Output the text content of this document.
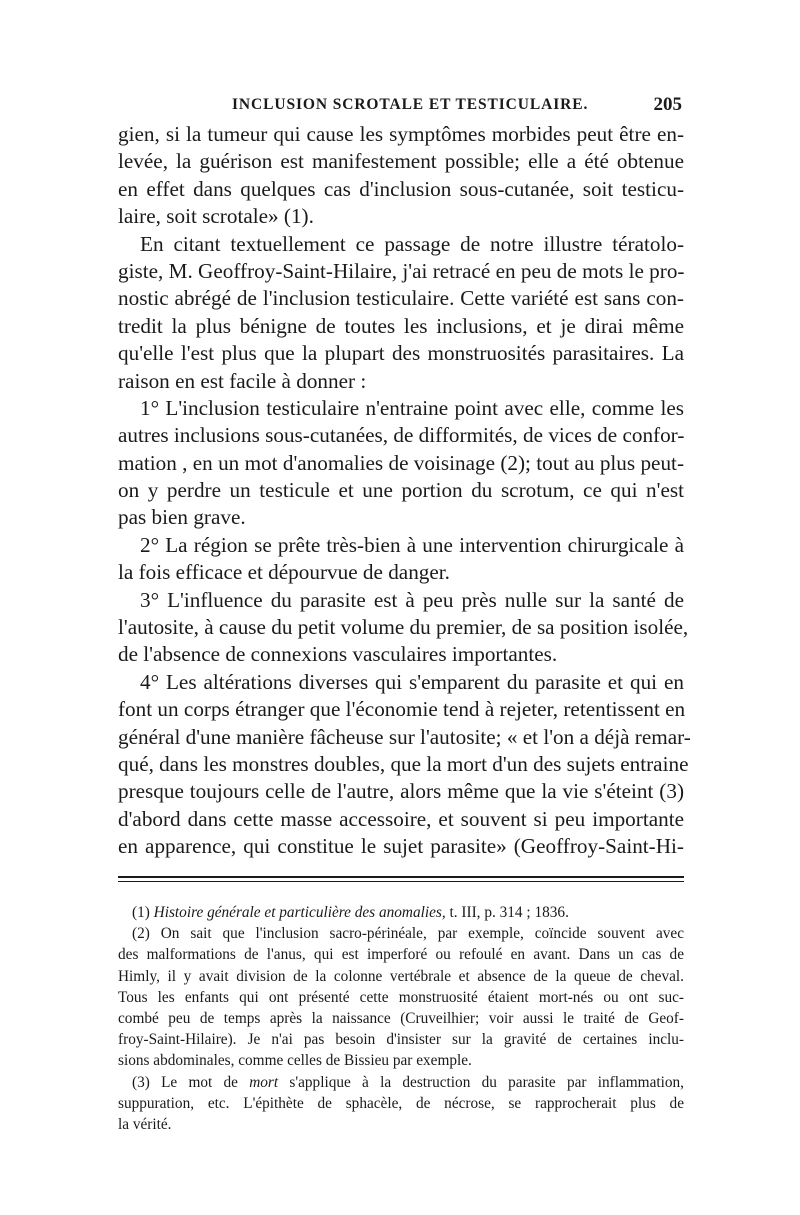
INCLUSION SCROTALE ET TESTICULAIRE.	205
gien, si la tumeur qui cause les symptômes morbides peut être en-
levée, la guérison est manifestement possible; elle a été obtenue
en effet dans quelques cas d'inclusion sous-cutanée, soit testicu-
laire, soit scrotale» (1).
En citant textuellement ce passage de notre illustre tératolo-
giste, M. Geoffroy-Saint-Hilaire, j'ai retracé en peu de mots le pro-
nostic abrégé de l'inclusion testiculaire. Cette variété est sans con-
tredit la plus bénigne de toutes les inclusions, et je dirai même
qu'elle l'est plus que la plupart des monstruosités parasitaires. La
raison en est facile à donner :
1° L'inclusion testiculaire n'entraine point avec elle, comme les
autres inclusions sous-cutanées, de difformités, de vices de confor-
mation , en un mot d'anomalies de voisinage (2); tout au plus peut-
on y perdre un testicule et une portion du scrotum, ce qui n'est
pas bien grave.
2° La région se prête très-bien à une intervention chirurgicale à
la fois efficace et dépourvue de danger.
3° L'influence du parasite est à peu près nulle sur la santé de
l'autosite, à cause du petit volume du premier, de sa position isolée,
de l'absence de connexions vasculaires importantes.
4° Les altérations diverses qui s'emparent du parasite et qui en
font un corps étranger que l'économie tend à rejeter, retentissent en
général d'une manière fâcheuse sur l'autosite; « et l'on a déjà remar-
qué, dans les monstres doubles, que la mort d'un des sujets entraine
presque toujours celle de l'autre, alors même que la vie s'éteint (3)
d'abord dans cette masse accessoire, et souvent si peu importante
en apparence, qui constitue le sujet parasite» (Geoffroy-Saint-Hi-
(1) Histoire générale et particulière des anomalies, t. III, p. 314 ; 1836.
(2) On sait que l'inclusion sacro-périnéale, par exemple, coïncide souvent avec
des malformations de l'anus, qui est imperforé ou refoulé en avant. Dans un cas de
Himly, il y avait division de la colonne vertébrale et absence de la queue de cheval.
Tous les enfants qui ont présenté cette monstruosité étaient mort-nés ou ont suc-
combé peu de temps après la naissance (Cruveilhier; voir aussi le traité de Geof-
froy-Saint-Hilaire). Je n'ai pas besoin d'insister sur la gravité de certaines inclu-
sions abdominales, comme celles de Bissieu par exemple.
(3) Le mot de mort s'applique à la destruction du parasite par inflammation,
suppuration, etc. L'épithète de sphacèle, de nécrose, se rapprocherait plus de
la vérité.
